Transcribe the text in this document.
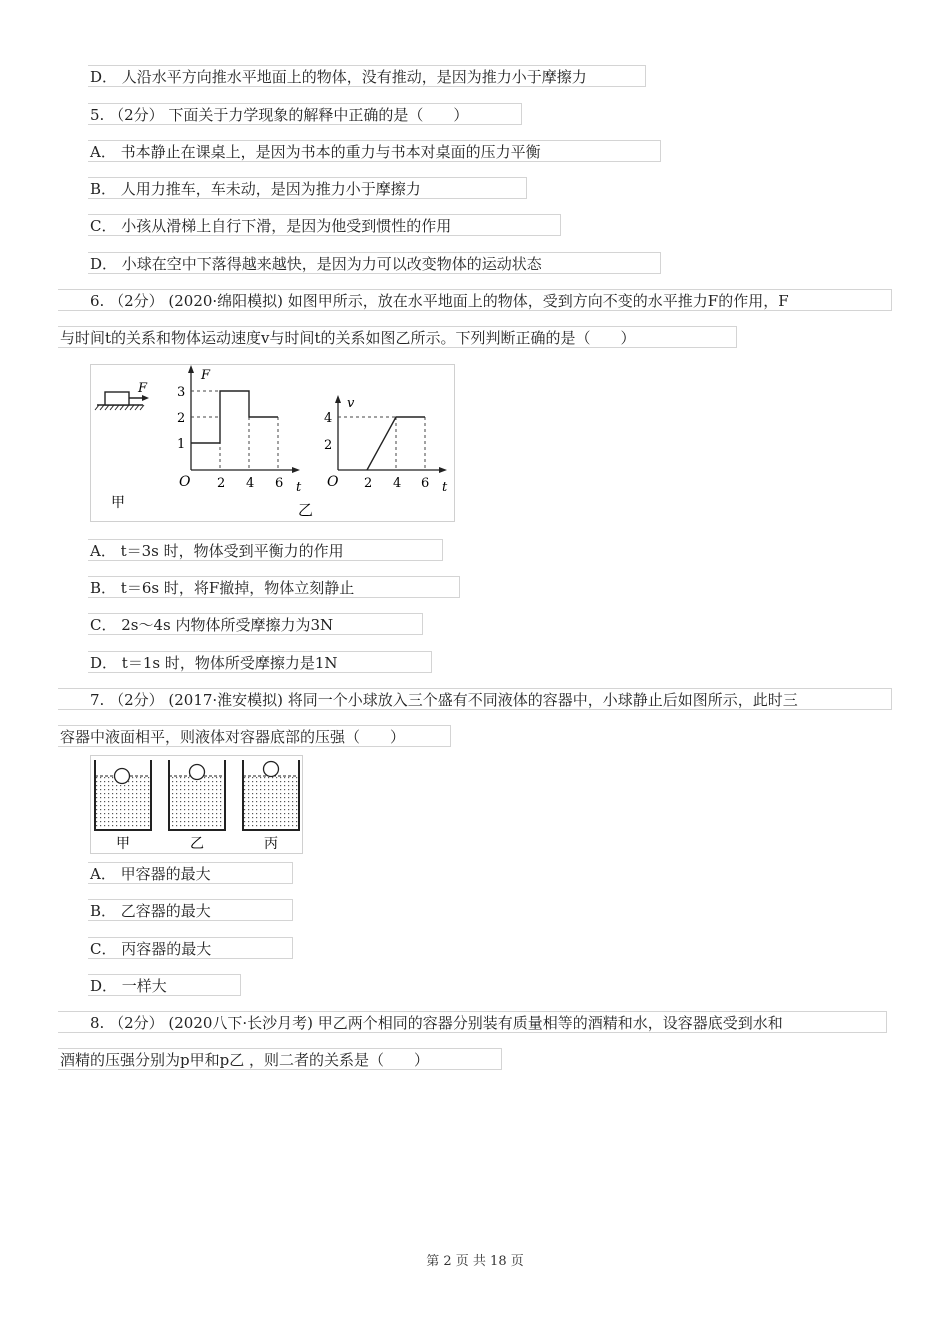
D． 人沿水平方向推水平地面上的物体，没有推动，是因为推力小于摩擦力
5. （2分） 下面关于力学现象的解释中正确的是（　　）
A． 书本静止在课桌上，是因为书本的重力与书本对桌面的压力平衡
B． 人用力推车，车未动，是因为推力小于摩擦力
C． 小孩从滑梯上自行下滑，是因为他受到惯性的作用
D． 小球在空中下落得越来越快，是因为力可以改变物体的运动状态
6. （2分） (2020·绵阳模拟) 如图甲所示，放在水平地面上的物体，受到方向不变的水平推力F的作用，F
与时间t的关系和物体运动速度v与时间t的关系如图乙所示。下列判断正确的是（　　）
F
甲
F
O	t
1
2
3
2 4 6
v
O	t
2
4
2 4 6
乙
A． t＝3s 时，物体受到平衡力的作用
B． t＝6s 时，将F撤掉，物体立刻静止
C． 2s～4s 内物体所受摩擦力为3N
D． t＝1s 时，物体所受摩擦力是1N
7. （2分） (2017·淮安模拟) 将同一个小球放入三个盛有不同液体的容器中，小球静止后如图所示，此时三
容器中液面相平，则液体对容器底部的压强（　　）
甲	乙	丙
A． 甲容器的最大
B． 乙容器的最大
C． 丙容器的最大
D． 一样大
8. （2分） (2020八下·长沙月考) 甲乙两个相同的容器分别装有质量相等的酒精和水，设容器底受到水和
酒精的压强分别为p甲和p乙 ，则二者的关系是（　　）
第 2 页 共 18 页
